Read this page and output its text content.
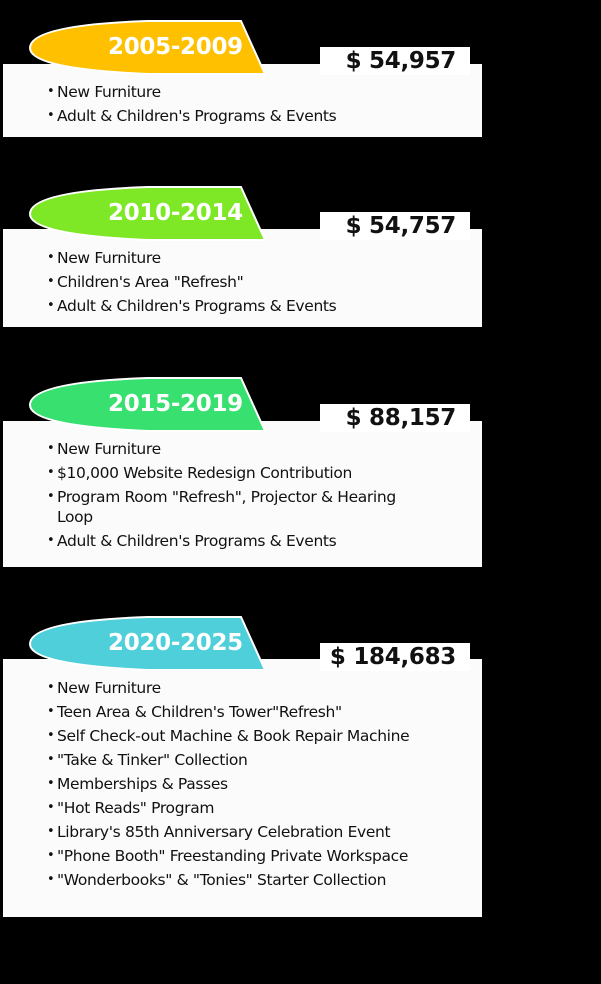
2005-2009
$ 54,957
• New Furniture
• Adult & Children's Programs & Events
2010-2014	$ 54,757
• New Furniture
• Children's Area "Refresh"
• Adult & Children's Programs & Events
2015-2019
$ 88,157
• New Furniture
• $10,000 Website Redesign Contribution
• Program Room "Refresh", Projector & Hearing Loop
• Adult & Children's Programs & Events
2020-2025
$ 184,683
• New Furniture
• Teen Area & Children's Tower"Refresh"
• Self Check-out Machine & Book Repair Machine
• "Take & Tinker" Collection
• Memberships & Passes
• "Hot Reads" Program
• Library's 85th Anniversary Celebration Event
• "Phone Booth" Freestanding Private Workspace
• "Wonderbooks" & "Tonies" Starter Collection
